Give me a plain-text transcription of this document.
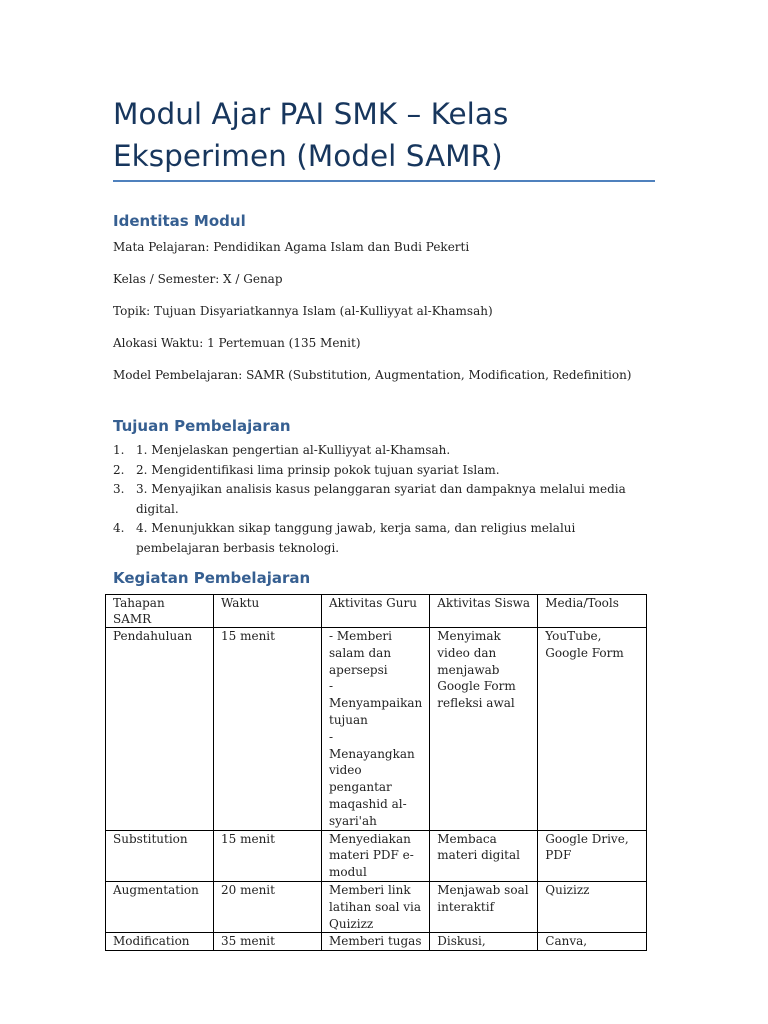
Modul Ajar PAI SMK – Kelas Eksperimen (Model SAMR)
Identitas Modul
Mata Pelajaran: Pendidikan Agama Islam dan Budi Pekerti
Kelas / Semester: X / Genap
Topik: Tujuan Disyariatkannya Islam (al-Kulliyyat al-Khamsah)
Alokasi Waktu: 1 Pertemuan (135 Menit)
Model Pembelajaran: SAMR (Substitution, Augmentation, Modification, Redefinition)
Tujuan Pembelajaran
1. 1. Menjelaskan pengertian al-Kulliyyat al-Khamsah.
2. 2. Mengidentifikasi lima prinsip pokok tujuan syariat Islam.
3. 3. Menyajikan analisis kasus pelanggaran syariat dan dampaknya melalui media digital.
4. 4. Menunjukkan sikap tanggung jawab, kerja sama, dan religius melalui pembelajaran berbasis teknologi.
Kegiatan Pembelajaran
Tahapan SAMR	Waktu	Aktivitas Guru	Aktivitas Siswa	Media/Tools
Pendahuluan	15 menit	- Memberi salam dan apersepsi
- Menyampaikan tujuan
- Menayangkan video pengantar maqashid al-syari'ah	Menyimak video dan menjawab Google Form refleksi awal	YouTube, Google Form
Substitution	15 menit	Menyediakan materi PDF e-modul	Membaca materi digital	Google Drive, PDF
Augmentation	20 menit	Memberi link latihan soal via Quizizz	Menjawab soal interaktif	Quizizz
Modification	35 menit	Memberi tugas	Diskusi,	Canva,
